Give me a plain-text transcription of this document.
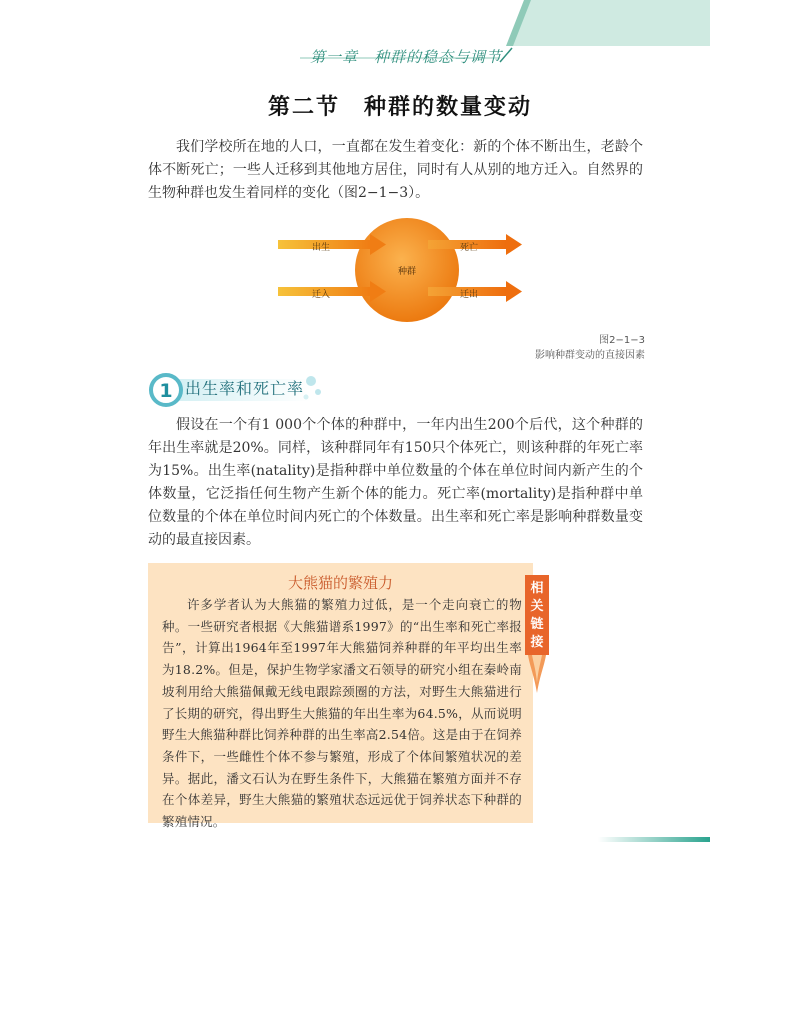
第一章　种群的稳态与调节
第二节　种群的数量变动
我们学校所在地的人口，一直都在发生着变化：新的个体不断出生，老龄个体不断死亡；一些人迁移到其他地方居住，同时有人从别的地方迁入。自然界的生物种群也发生着同样的变化（图2−1−3）。
出生
迁入
死亡
迁出
种群
图2−1−3
影响种群变动的直接因素
1 出生率和死亡率
假设在一个有1 000个个体的种群中，一年内出生200个后代，这个种群的年出生率就是20%。同样，该种群同年有150只个体死亡，则该种群的年死亡率为15%。出生率(natality)是指种群中单位数量的个体在单位时间内新产生的个体数量，它泛指任何生物产生新个体的能力。死亡率(mortality)是指种群中单位数量的个体在单位时间内死亡的个体数量。出生率和死亡率是影响种群数量变动的最直接因素。
大熊猫的繁殖力
许多学者认为大熊猫的繁殖力过低，是一个走向衰亡的物种。一些研究者根据《大熊猫谱系1997》的“出生率和死亡率报告”，计算出1964年至1997年大熊猫饲养种群的年平均出生率为18.2%。但是，保护生物学家潘文石领导的研究小组在秦岭南坡利用给大熊猫佩戴无线电跟踪颈圈的方法，对野生大熊猫进行了长期的研究，得出野生大熊猫的年出生率为64.5%，从而说明野生大熊猫种群比饲养种群的出生率高2.54倍。这是由于在饲养条件下，一些雌性个体不参与繁殖，形成了个体间繁殖状况的差异。据此，潘文石认为在野生条件下，大熊猫在繁殖方面并不存在个体差异，野生大熊猫的繁殖状态远远优于饲养状态下种群的繁殖情况。
相关链接
